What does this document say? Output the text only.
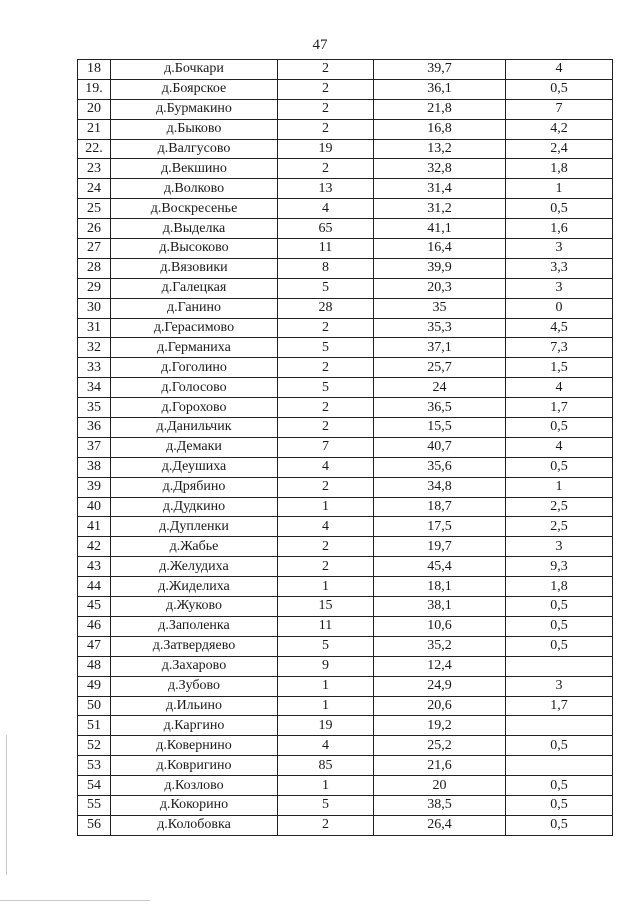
47
18	д.Бочкари	2	39,7	4
19.	д.Боярское	2	36,1	0,5
20	д.Бурмакино	2	21,8	7
21	д.Быково	2	16,8	4,2
22.	д.Валгусово	19	13,2	2,4
23	д.Векшино	2	32,8	1,8
24	д.Волково	13	31,4	1
25	д.Воскресенье	4	31,2	0,5
26	д.Выделка	65	41,1	1,6
27	д.Высоково	11	16,4	3
28	д.Вязовики	8	39,9	3,3
29	д.Галецкая	5	20,3	3
30	д.Ганино	28	35	0
31	д.Герасимово	2	35,3	4,5
32	д.Германиха	5	37,1	7,3
33	д.Гоголино	2	25,7	1,5
34	д.Голосово	5	24	4
35	д.Горохово	2	36,5	1,7
36	д.Данильчик	2	15,5	0,5
37	д.Демаки	7	40,7	4
38	д.Деушиха	4	35,6	0,5
39	д.Дрябино	2	34,8	1
40	д.Дудкино	1	18,7	2,5
41	д.Дупленки	4	17,5	2,5
42	д.Жабье	2	19,7	3
43	д.Желудиха	2	45,4	9,3
44	д.Жиделиха	1	18,1	1,8
45	д.Жуково	15	38,1	0,5
46	д.Заполенка	11	10,6	0,5
47	д.Затвердяево	5	35,2	0,5
48	д.Захарово	9	12,4	
49	д.Зубово	1	24,9	3
50	д.Ильино	1	20,6	1,7
51	д.Каргино	19	19,2	
52	д.Ковернино	4	25,2	0,5
53	д.Ковригино	85	21,6	
54	д.Козлово	1	20	0,5
55	д.Кокорино	5	38,5	0,5
56	д.Колобовка	2	26,4	0,5
